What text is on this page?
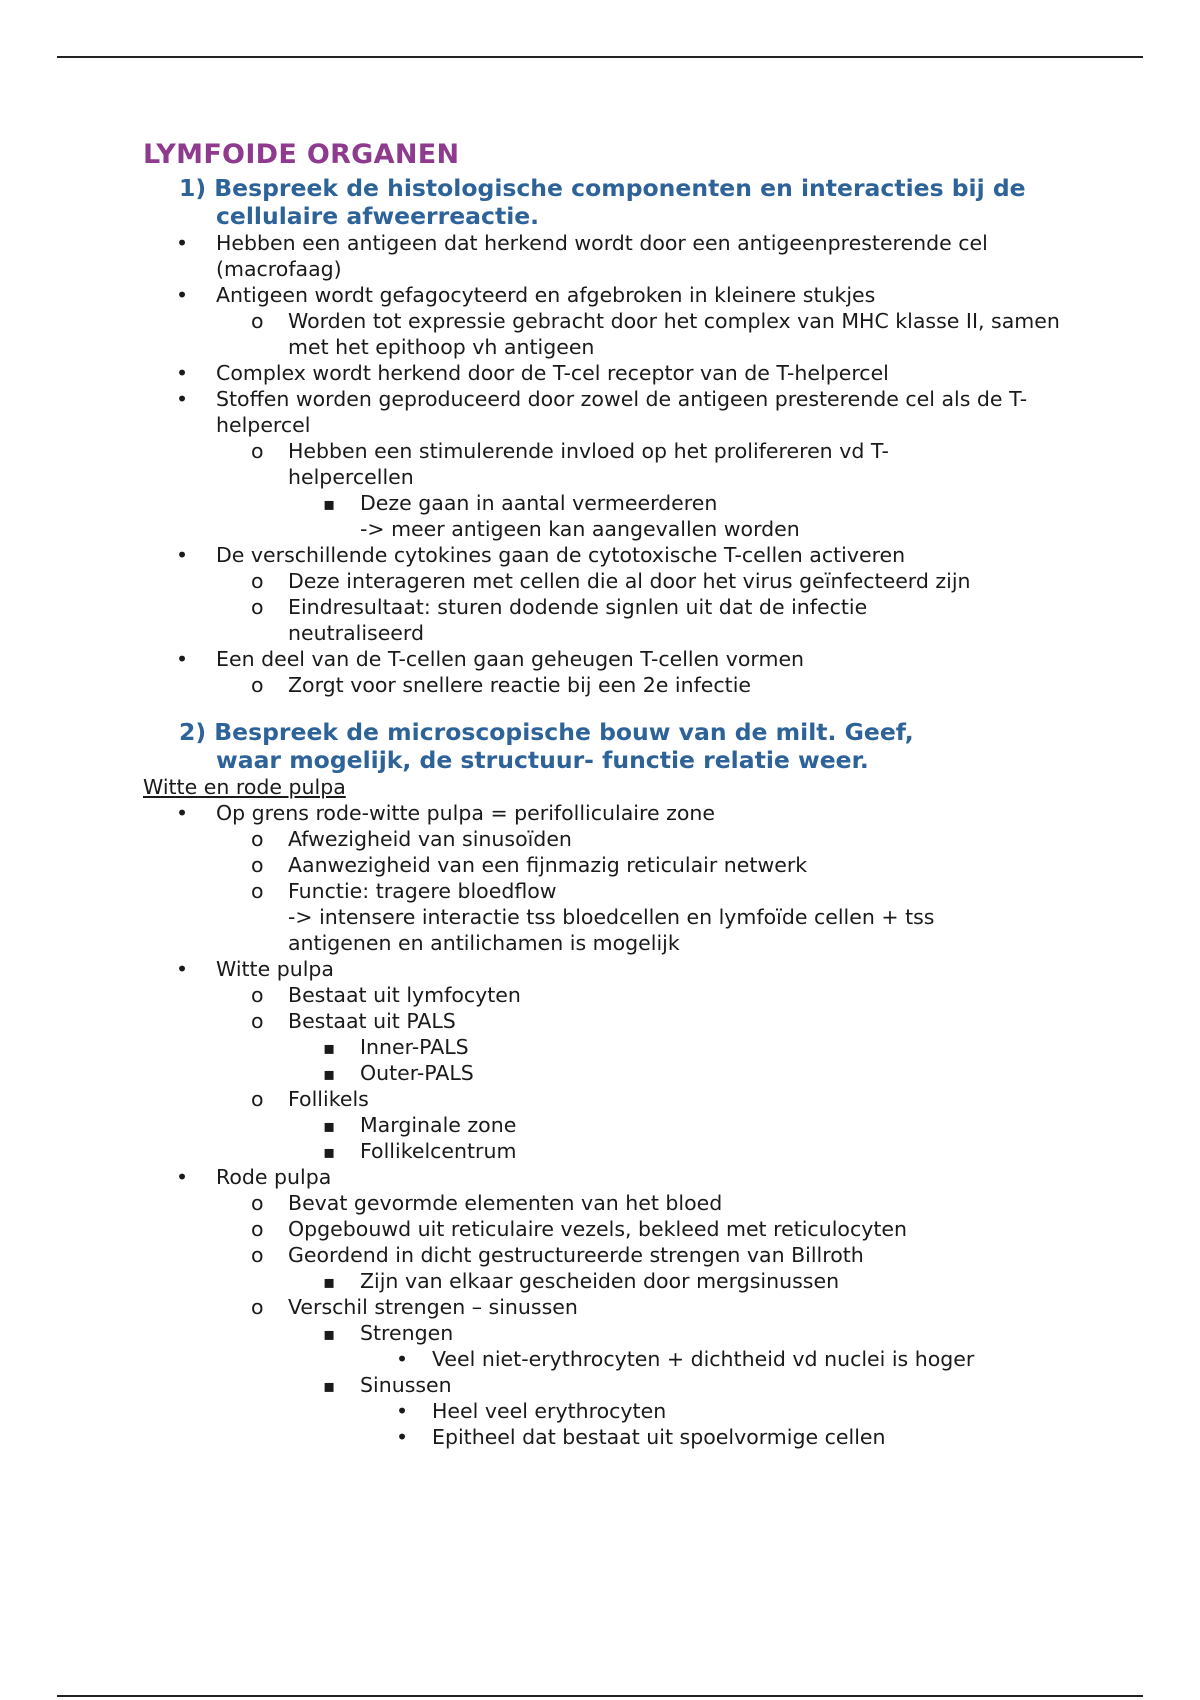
LYMFOIDE ORGANEN
1) Bespreek de histologische componenten en interacties bij de cellulaire afweerreactie.
•
Hebben een antigeen dat herkend wordt door een antigeenpresterende cel (macrofaag)
•
Antigeen wordt gefagocyteerd en afgebroken in kleinere stukjes
o
Worden tot expressie gebracht door het complex van MHC klasse II, samen met het epithoop vh antigeen
•
Complex wordt herkend door de T-cel receptor van de T-helpercel
•
Stoffen worden geproduceerd door zowel de antigeen presterende cel als de T-helpercel
o
Hebben een stimulerende invloed op het prolifereren vd T-helpercellen
▪
Deze gaan in aantal vermeerderen
-> meer antigeen kan aangevallen worden
•
De verschillende cytokines gaan de cytotoxische T-cellen activeren
o
Deze interageren met cellen die al door het virus geïnfecteerd zijn
o
Eindresultaat: sturen dodende signlen uit dat de infectie neutraliseerd
•
Een deel van de T-cellen gaan geheugen T-cellen vormen
o
Zorgt voor snellere reactie bij een 2e infectie
2) Bespreek de microscopische bouw van de milt. Geef, waar mogelijk, de structuur- functie relatie weer.
Witte en rode pulpa
•
Op grens rode-witte pulpa = perifolliculaire zone
o
Afwezigheid van sinusoïden
o
Aanwezigheid van een fijnmazig reticulair netwerk
o
Functie: tragere bloedflow
-> intensere interactie tss bloedcellen en lymfoïde cellen + tss antigenen en antilichamen is mogelijk
•
Witte pulpa
o
Bestaat uit lymfocyten
o
Bestaat uit PALS
▪
Inner-PALS
▪
Outer-PALS
o
Follikels
▪
Marginale zone
▪
Follikelcentrum
•
Rode pulpa
o
Bevat gevormde elementen van het bloed
o
Opgebouwd uit reticulaire vezels, bekleed met reticulocyten
o
Geordend in dicht gestructureerde strengen van Billroth
▪
Zijn van elkaar gescheiden door mergsinussen
o
Verschil strengen – sinussen
▪
Strengen
•
Veel niet-erythrocyten + dichtheid vd nuclei is hoger
▪
Sinussen
•
Heel veel erythrocyten
•
Epitheel dat bestaat uit spoelvormige cellen
